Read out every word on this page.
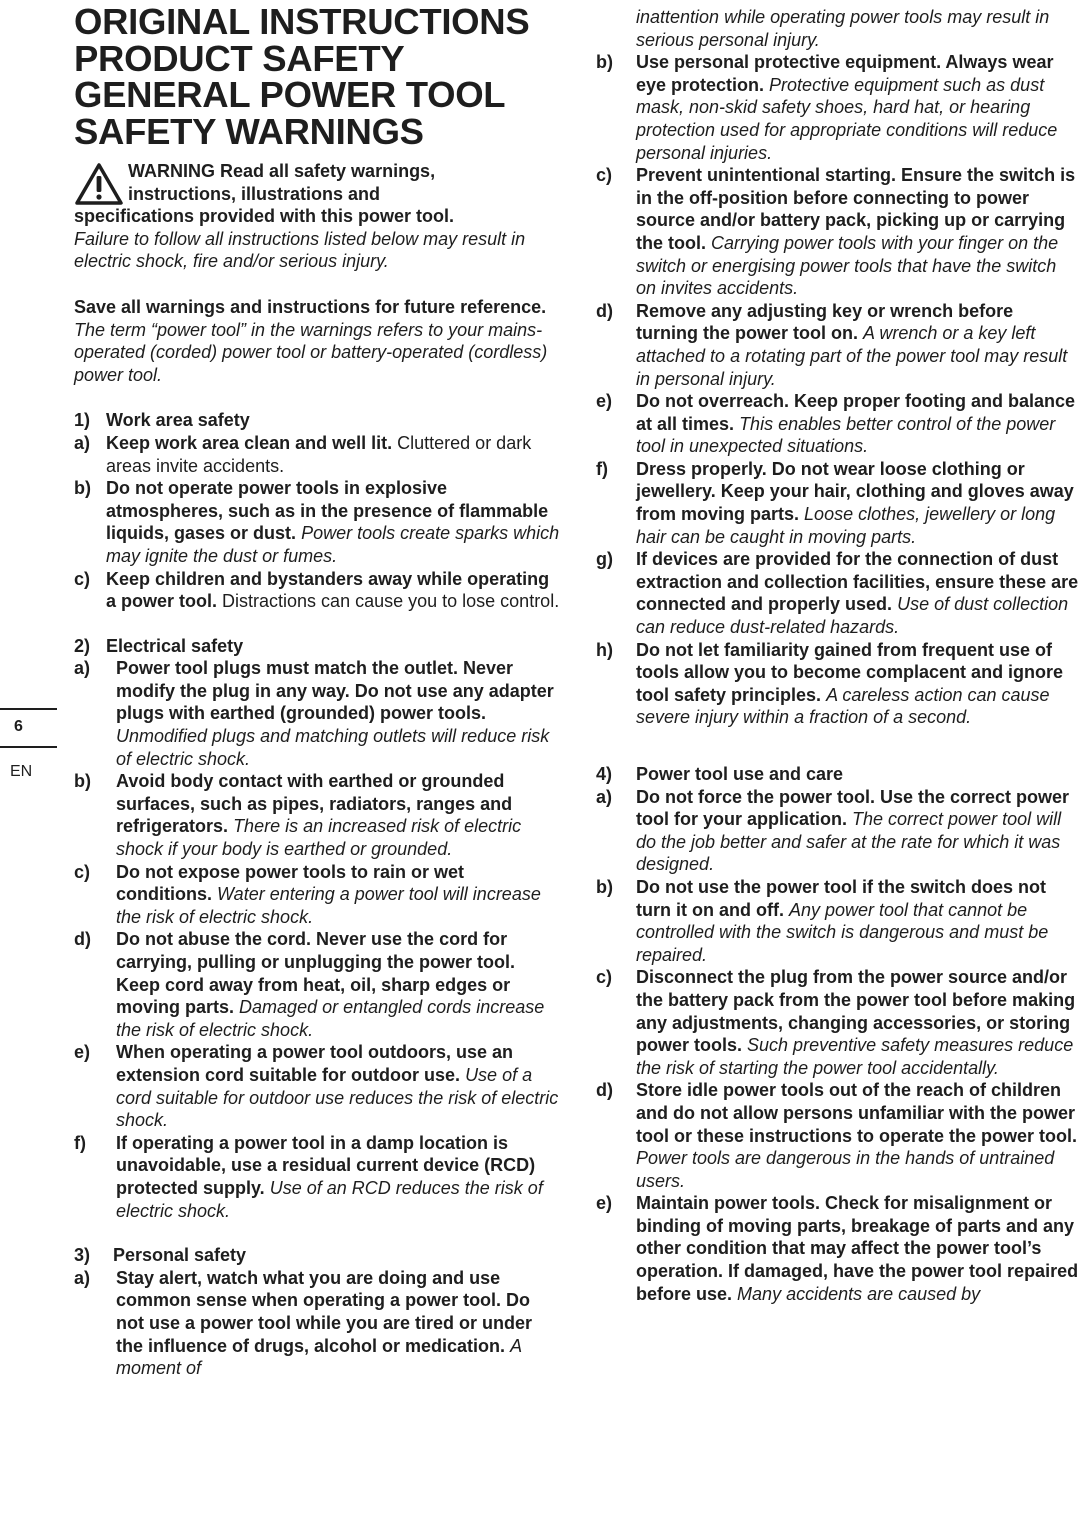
6
EN
ORIGINAL INSTRUCTIONS
PRODUCT SAFETY
GENERAL POWER TOOL
SAFETY WARNINGS
WARNING Read all safety warnings,
instructions, illustrations and
specifications provided with this power tool.

Failure to follow all instructions listed below may result in electric shock, fire and/or serious injury.

Save all warnings and instructions for future reference.

The term “power tool” in the warnings refers to your mains-operated (corded) power tool or battery-operated (cordless) power tool.

1) Work area safety

a) Keep work area clean and well lit. Cluttered or dark areas invite accidents.
b) Do not operate power tools in explosive atmospheres, such as in the presence of flammable liquids, gases or dust. Power tools create sparks which may ignite the dust or fumes.
c) Keep children and bystanders away while operating a power tool. Distractions can cause you to lose control.

2) Electrical safety

a)	Power tool plugs must match the outlet. Never modify the plug in any way. Do not use any adapter plugs with earthed (grounded) power tools. Unmodified plugs and matching outlets will reduce risk of electric shock.
b)	Avoid body contact with earthed or grounded surfaces, such as pipes, radiators, ranges and refrigerators. There is an increased risk of electric shock if your body is earthed or grounded.
c)	Do not expose power tools to rain or wet conditions. Water entering a power tool will increase the risk of electric shock.
d)	Do not abuse the cord. Never use the cord for carrying, pulling or unplugging the power tool. Keep cord away from heat, oil, sharp edges or moving parts. Damaged or entangled cords increase the risk of electric shock.
e)	When operating a power tool outdoors, use an extension cord suitable for outdoor use. Use of a cord suitable for outdoor use reduces the risk of electric shock.
f)	If operating a power tool in a damp location is unavoidable, use a residual current device (RCD) protected supply. Use of an RCD reduces the risk of electric shock.

3) Personal safety

a)	Stay alert, watch what you are doing and use common sense when operating a power tool. Do not use a power tool while you are tired or under the influence of drugs, alcohol or medication. A moment of
inattention while operating power tools may result in serious personal injury.
b)	Use personal protective equipment. Always wear eye protection. Protective equipment such as dust mask, non-skid safety shoes, hard hat, or hearing protection used for appropriate conditions will reduce personal injuries.
c)	Prevent unintentional starting. Ensure the switch is in the off-position before connecting to power source and/or battery pack, picking up or carrying the tool. Carrying power tools with your finger on the switch or energising power tools that have the switch on invites accidents.
d)	Remove any adjusting key or wrench before turning the power tool on. A wrench or a key left attached to a rotating part of the power tool may result in personal injury.
e)	Do not overreach. Keep proper footing and balance at all times. This enables better control of the power tool in unexpected situations.
f)	Dress properly. Do not wear loose clothing or jewellery. Keep your hair, clothing and gloves away from moving parts. Loose clothes, jewellery or long hair can be caught in moving parts.
g)	If devices are provided for the connection of dust extraction and collection facilities, ensure these are connected and properly used. Use of dust collection can reduce dust-related hazards.
h)	Do not let familiarity gained from frequent use of tools allow you to become complacent and ignore tool safety principles. A careless action can cause severe injury within a fraction of a second.

4) Power tool use and care

a)	Do not force the power tool. Use the correct power tool for your application. The correct power tool will do the job better and safer at the rate for which it was designed.
b)	Do not use the power tool if the switch does not turn it on and off. Any power tool that cannot be controlled with the switch is dangerous and must be repaired.
c)	Disconnect the plug from the power source and/or the battery pack from the power tool before making any adjustments, changing accessories, or storing power tools. Such preventive safety measures reduce the risk of starting the power tool accidentally.
d)	Store idle power tools out of the reach of children and do not allow persons unfamiliar with the power tool or these instructions to operate the power tool. Power tools are dangerous in the hands of untrained users.
e)	Maintain power tools. Check for misalignment or binding of moving parts, breakage of parts and any other condition that may affect the power tool’s operation. If damaged, have the power tool repaired before use. Many accidents are caused by
